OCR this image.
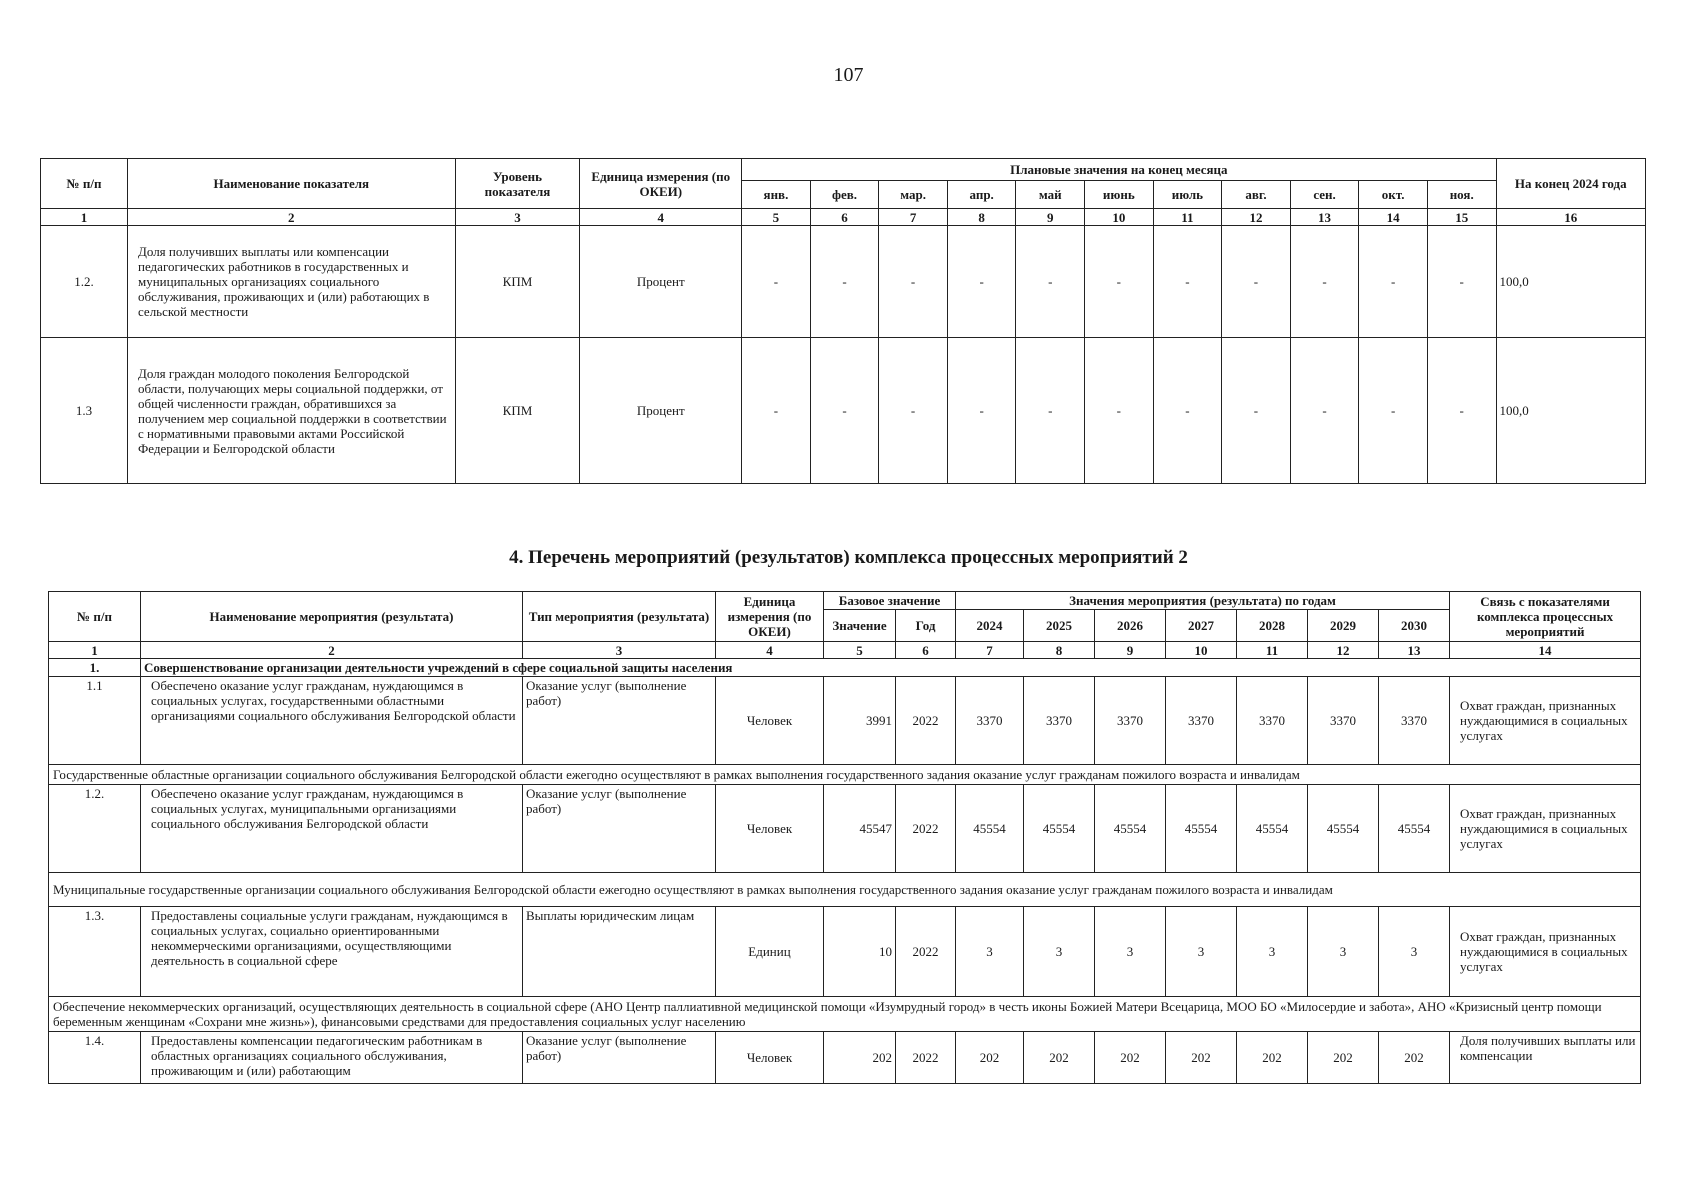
107
№ п/п	Наименование показателя	Уровень показателя	Единица измерения (по ОКЕИ)	Плановые значения на конец месяца											На конец 2024 года
				янв.	фев.	мар.	апр.	май	июнь	июль	авг.	сен.	окт.	ноя.	
1	2	3	4	5	6	7	8	9	10	11	12	13	14	15	16
1.2.	Доля получивших выплаты или компенсации педагогических работников в государственных и муниципальных организациях социального обслуживания, проживающих и (или) работающих в сельской местности	КПМ	Процент	-	-	-	-	-	-	-	-	-	-	-	100,0
1.3	Доля граждан молодого поколения Белгородской области, получающих меры социальной поддержки, от общей численности граждан, обратившихся за получением мер социальной поддержки в соответствии с нормативными правовыми актами Российской Федерации и Белгородской области	КПМ	Процент	-	-	-	-	-	-	-	-	-	-	-	100,0
4. Перечень мероприятий (результатов) комплекса процессных мероприятий 2
№ п/п	Наименование мероприятия (результата)	Тип мероприятия (результата)	Единица измерения (по ОКЕИ)	Базовое значение		Значения мероприятия (результата) по годам							Связь с показателями комплекса процессных мероприятий
				Значение	Год	2024	2025	2026	2027	2028	2029	2030	
1	2	3	4	5	6	7	8	9	10	11	12	13	14
1.	Совершенствование организации деятельности учреждений в сфере социальной защиты населения												
1.1	Обеспечено оказание услуг гражданам, нуждающимся в социальных услугах, государственными областными организациями социального обслуживания Белгородской области	Оказание услуг (выполнение работ)	Человек	3991	2022	3370	3370	3370	3370	3370	3370	3370	Охват граждан, признанных нуждающимися в социальных услугах
Государственные областные организации социального обслуживания Белгородской области ежегодно осуществляют в рамках выполнения государственного задания оказание услуг гражданам пожилого возраста и инвалидам													
1.2.	Обеспечено оказание услуг гражданам, нуждающимся в социальных услугах, муниципальными организациями социального обслуживания Белгородской области	Оказание услуг (выполнение работ)	Человек	45547	2022	45554	45554	45554	45554	45554	45554	45554	Охват граждан, признанных нуждающимися в социальных услугах
Муниципальные государственные организации социального обслуживания Белгородской области ежегодно осуществляют в рамках выполнения государственного задания оказание услуг гражданам пожилого возраста и инвалидам													
1.3.	Предоставлены социальные услуги гражданам, нуждающимся в социальных услугах, социально ориентированными некоммерческими организациями, осуществляющими деятельность в социальной сфере	Выплаты юридическим лицам	Единиц	10	2022	3	3	3	3	3	3	3	Охват граждан, признанных нуждающимися в социальных услугах
Обеспечение некоммерческих организаций, осуществляющих деятельность в социальной сфере (АНО Центр паллиативной медицинской помощи «Изумрудный город» в честь иконы Божией Матери Всецарица, МОО БО «Милосердие и забота», АНО «Кризисный центр помощи беременным женщинам «Сохрани мне жизнь»), финансовыми средствами для предоставления социальных услуг населению													
1.4.	Предоставлены компенсации педагогическим работникам в областных организациях социального обслуживания, проживающим и (или) работающим	Оказание услуг (выполнение работ)	Человек	202	2022	202	202	202	202	202	202	202	Доля получивших выплаты или компенсации
